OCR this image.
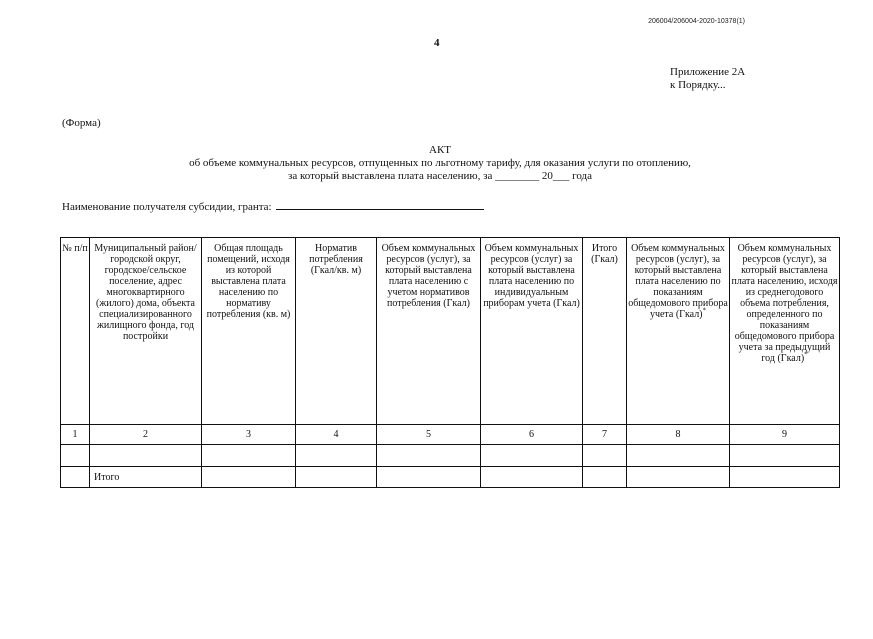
206004/206004-2020-10378(1)
4
Приложение 2А
к Порядку...
(Форма)
АКТ
об объеме коммунальных ресурсов, отпущенных по льготному тарифу, для оказания услуги по отоплению,
за который выставлена плата населению, за ________ 20___ года
Наименование получателя субсидии, гранта:
№ п/п	Муниципальный район/городской округ, городское/сельское поселение, адрес многоквартирного (жилого) дома, объекта специализированного жилищного фонда, год постройки	Общая площадь помещений, исходя из которой выставлена плата населению по нормативу потребления (кв. м)	Норматив потребления (Гкал/кв. м)	Объем коммунальных ресурсов (услуг), за который выставлена плата населению с учетом нормативов потребления (Гкал)	Объем коммунальных ресурсов (услуг) за который выставлена плата населению по индивидуальным приборам учета (Гкал)	Итого (Гкал)	Объем коммунальных ресурсов (услуг), за который выставлена плата населению по показаниям общедомового прибора учета (Гкал)*	Объем коммунальных ресурсов (услуг), за который выставлена плата населению, исходя из среднегодового объема потребления, определенного по показаниям общедомового прибора учета за предыдущий год (Гкал)*
1	2	3	4	5	6	7	8	9

	Итого							
